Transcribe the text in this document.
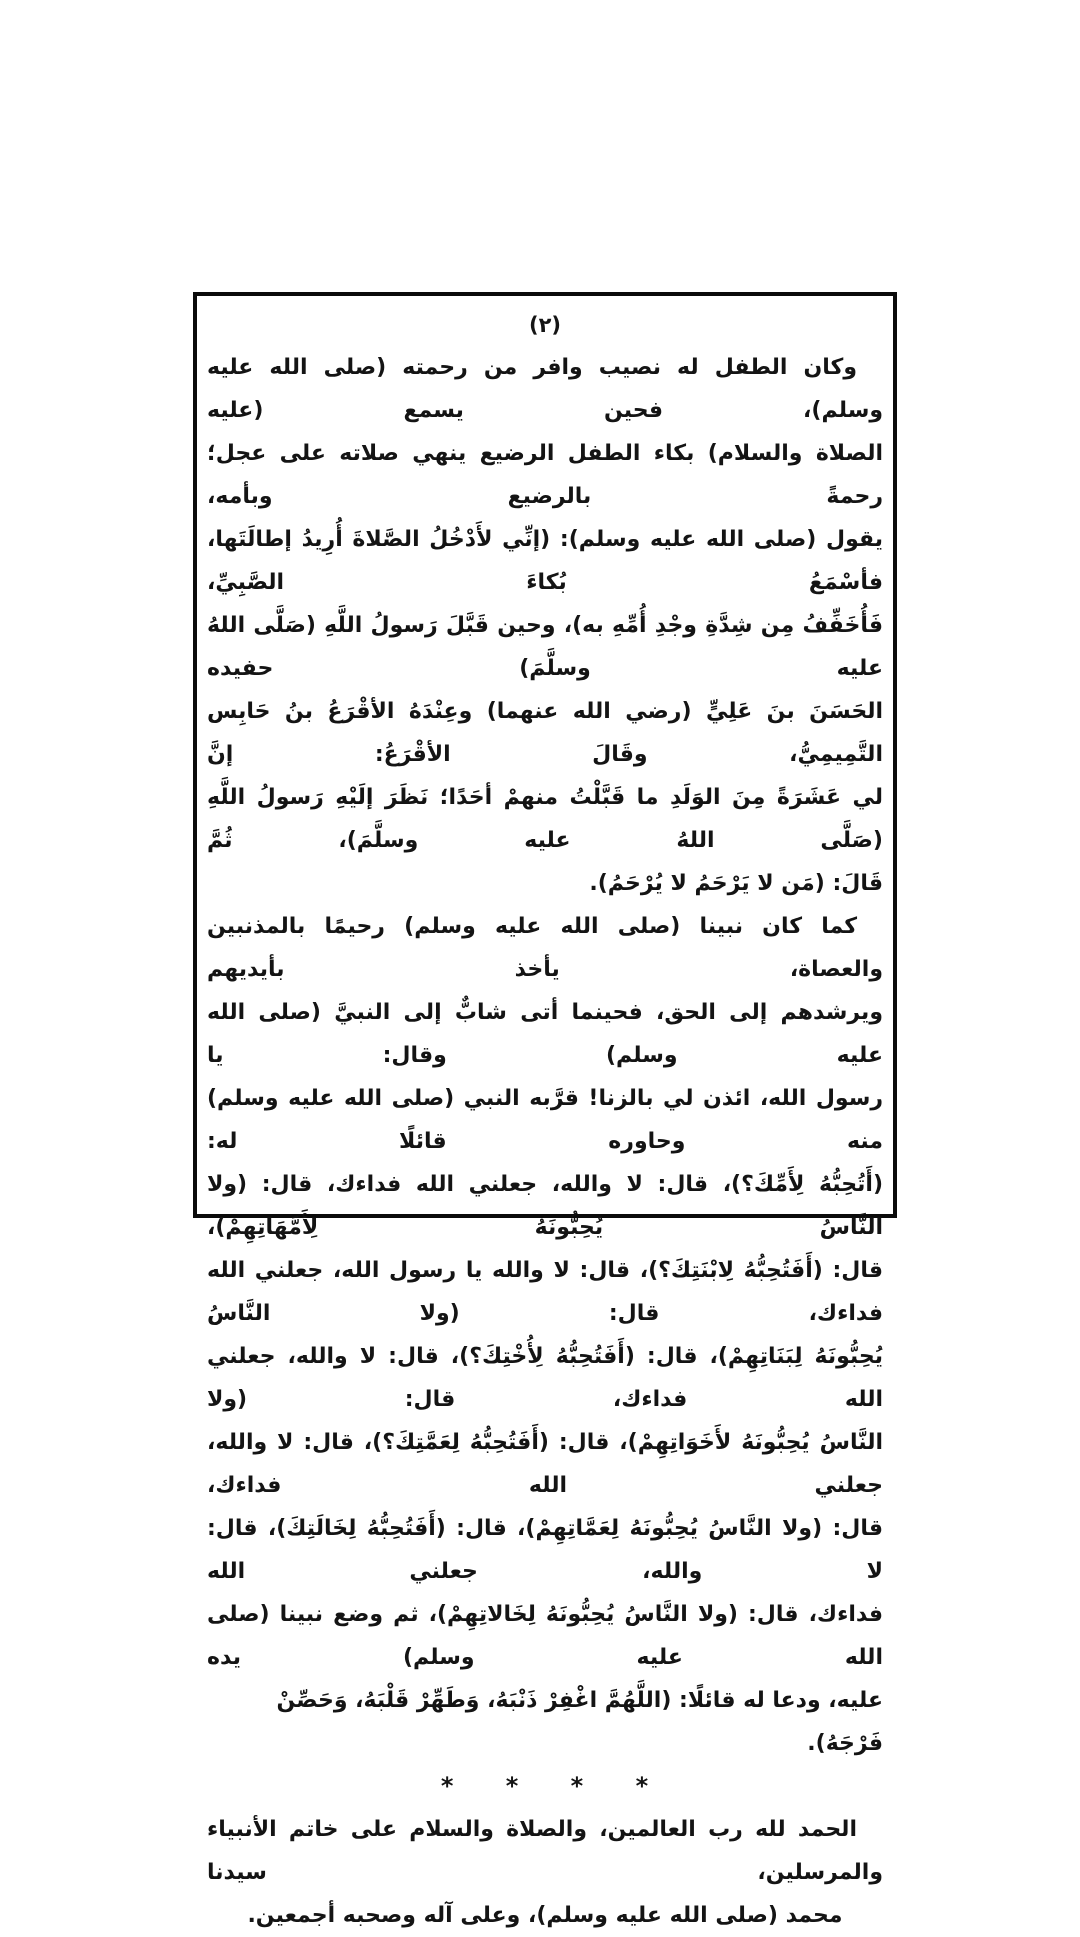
(٢)
وكان الطفل له نصيب وافر من رحمته (صلى الله عليه وسلم)، فحين يسمع (عليه
الصلاة والسلام) بكاء الطفل الرضيع ينهي صلاته على عجل؛ رحمةً بالرضيع وبأمه،
يقول (صلى الله عليه وسلم): (إنِّي لأَدْخُلُ الصَّلاةَ أُرِيدُ إطالَتَها، فأسْمَعُ بُكاءَ الصَّبِيِّ،
فَأُخَفِّفُ مِن شِدَّةِ وجْدِ أُمِّهِ به)، وحين قَبَّلَ رَسولُ اللَّهِ (صَلَّى اللهُ عليه وسلَّمَ) حفيده
الحَسَنَ بنَ عَلِيٍّ (رضي الله عنهما) وعِنْدَهُ الأقْرَعُ بنُ حَابِس التَّمِيمِيُّ، وقَالَ الأقْرَعُ: إنَّ
لي عَشَرَةً مِنَ الوَلَدِ ما قَبَّلْتُ منهمْ أحَدًا؛ نَظَرَ إلَيْهِ رَسولُ اللَّهِ (صَلَّى اللهُ عليه وسلَّمَ)، ثُمَّ
قَالَ: (مَن لا يَرْحَمُ لا يُرْحَمُ).
كما كان نبينا (صلى الله عليه وسلم) رحيمًا بالمذنبين والعصاة، يأخذ بأيديهم
ويرشدهم إلى الحق، فحينما أتى شابٌّ إلى النبيَّ (صلى الله عليه وسلم) وقال: يا
رسول الله، ائذن لي بالزنا! قرَّبه النبي (صلى الله عليه وسلم) منه وحاوره قائلًا له:
(أَتُحِبُّهُ لِأَمِّكَ؟)، قال: لا والله، جعلني الله فداءك، قال: (ولا النَّاسُ يُحِبُّونَهُ لِأَمَّهَاتِهِمْ)،
قال: (أَفَتُحِبُّهُ لِابْنَتِكَ؟)، قال: لا والله يا رسول الله، جعلني الله فداءك، قال: (ولا النَّاسُ
يُحِبُّونَهُ لِبَنَاتِهِمْ)، قال: (أَفَتُحِبُّهُ لِأُخْتِكَ؟)، قال: لا والله، جعلني الله فداءك، قال: (ولا
النَّاسُ يُحِبُّونَهُ لأَخَوَاتِهِمْ)، قال: (أَفَتُحِبُّهُ لِعَمَّتِكَ؟)، قال: لا والله، جعلني الله فداءك،
قال: (ولا النَّاسُ يُحِبُّونَهُ لِعَمَّاتِهِمْ)، قال: (أَفَتُحِبُّهُ لِخَالَتِكَ)، قال: لا والله، جعلني الله
فداءك، قال: (ولا النَّاسُ يُحِبُّونَهُ لِخَالاتِهِمْ)، ثم وضع نبينا (صلى الله عليه وسلم) يده
عليه، ودعا له قائلًا: (اللَّهُمَّ اغْفِرْ ذَنْبَهُ، وَطَهِّرْ قَلْبَهُ، وَحَصِّنْ فَرْجَهُ).
* * * *
الحمد لله رب العالمين، والصلاة والسلام على خاتم الأنبياء والمرسلين، سيدنا
محمد (صلى الله عليه وسلم)، وعلى آله وصحبه أجمعين.
